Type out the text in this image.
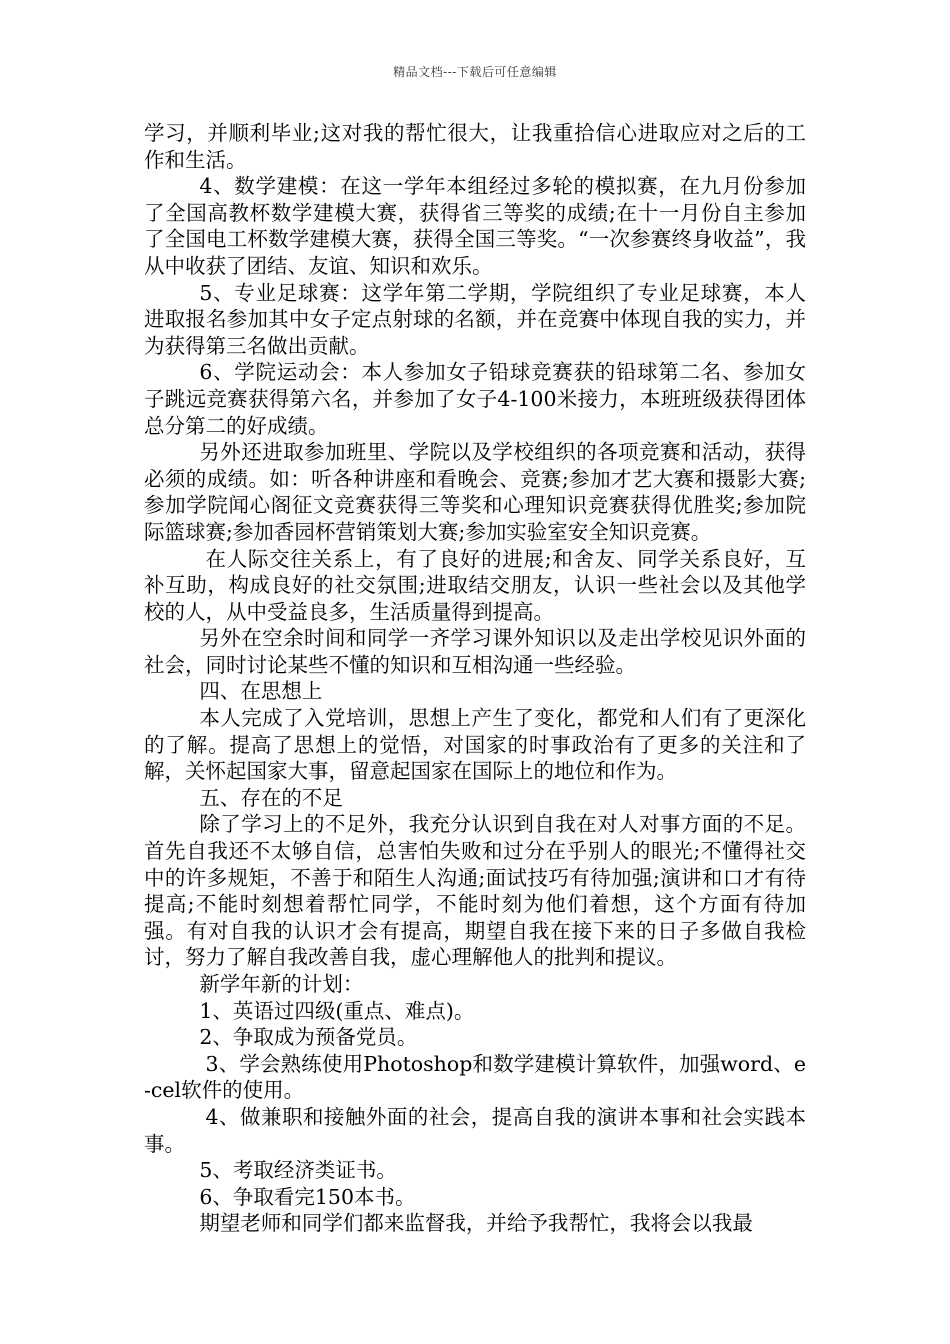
精品文档---下载后可任意编辑

学习，并顺利毕业;这对我的帮忙很大，让我重拾信心进取应对之后的工作和生活。

4、数学建模：在这一学年本组经过多轮的模拟赛，在九月份参加了全国高教杯数学建模大赛，获得省三等奖的成绩;在十一月份自主参加了全国电工杯数学建模大赛，获得全国三等奖。“一次参赛终身收益”，我从中收获了团结、友谊、知识和欢乐。

5、专业足球赛：这学年第二学期，学院组织了专业足球赛，本人进取报名参加其中女子定点射球的名额，并在竞赛中体现自我的实力，并为获得第三名做出贡献。

6、学院运动会：本人参加女子铅球竞赛获的铅球第二名、参加女子跳远竞赛获得第六名，并参加了女子4-100米接力，本班班级获得团体总分第二的好成绩。

另外还进取参加班里、学院以及学校组织的各项竞赛和活动，获得必须的成绩。如：听各种讲座和看晚会、竞赛;参加才艺大赛和摄影大赛;参加学院闻心阁征文竞赛获得三等奖和心理知识竞赛获得优胜奖;参加院际篮球赛;参加香园杯营销策划大赛;参加实验室安全知识竞赛。

在人际交往关系上，有了良好的进展;和舍友、同学关系良好，互补互助，构成良好的社交氛围;进取结交朋友，认识一些社会以及其他学校的人，从中受益良多，生活质量得到提高。

另外在空余时间和同学一齐学习课外知识以及走出学校见识外面的社会，同时讨论某些不懂的知识和互相沟通一些经验。

四、在思想上

本人完成了入党培训，思想上产生了变化，都党和人们有了更深化的了解。提高了思想上的觉悟，对国家的时事政治有了更多的关注和了解，关怀起国家大事，留意起国家在国际上的地位和作为。

五、存在的不足

除了学习上的不足外，我充分认识到自我在对人对事方面的不足。首先自我还不太够自信，总害怕失败和过分在乎别人的眼光;不懂得社交中的许多规矩，不善于和陌生人沟通;面试技巧有待加强;演讲和口才有待提高;不能时刻想着帮忙同学，不能时刻为他们着想，这个方面有待加强。有对自我的认识才会有提高，期望自我在接下来的日子多做自我检讨，努力了解自我改善自我，虚心理解他人的批判和提议。

新学年新的计划：

1、英语过四级(重点、难点)。

2、争取成为预备党员。

3、学会熟练使用Photoshop和数学建模计算软件，加强word、e-cel软件的使用。

4、做兼职和接触外面的社会，提高自我的演讲本事和社会实践本事。

5、考取经济类证书。

6、争取看完150本书。

期望老师和同学们都来监督我，并给予我帮忙，我将会以我最
